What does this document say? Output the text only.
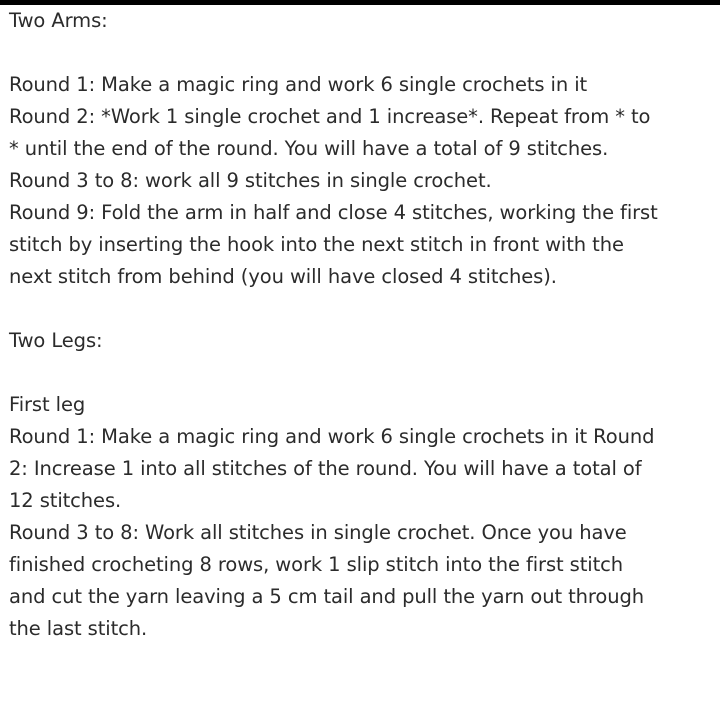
Two Arms:
Round 1: Make a magic ring and work 6 single crochets in it
Round 2: *Work 1 single crochet and 1 increase*. Repeat from * to
* until the end of the round. You will have a total of 9 stitches.
Round 3 to 8: work all 9 stitches in single crochet.
Round 9: Fold the arm in half and close 4 stitches, working the first
stitch by inserting the hook into the next stitch in front with the
next stitch from behind (you will have closed 4 stitches).
Two Legs:
First leg
Round 1: Make a magic ring and work 6 single crochets in it Round
2: Increase 1 into all stitches of the round. You will have a total of
12 stitches.
Round 3 to 8: Work all stitches in single crochet. Once you have
finished crocheting 8 rows, work 1 slip stitch into the first stitch
and cut the yarn leaving a 5 cm tail and pull the yarn out through
the last stitch.
